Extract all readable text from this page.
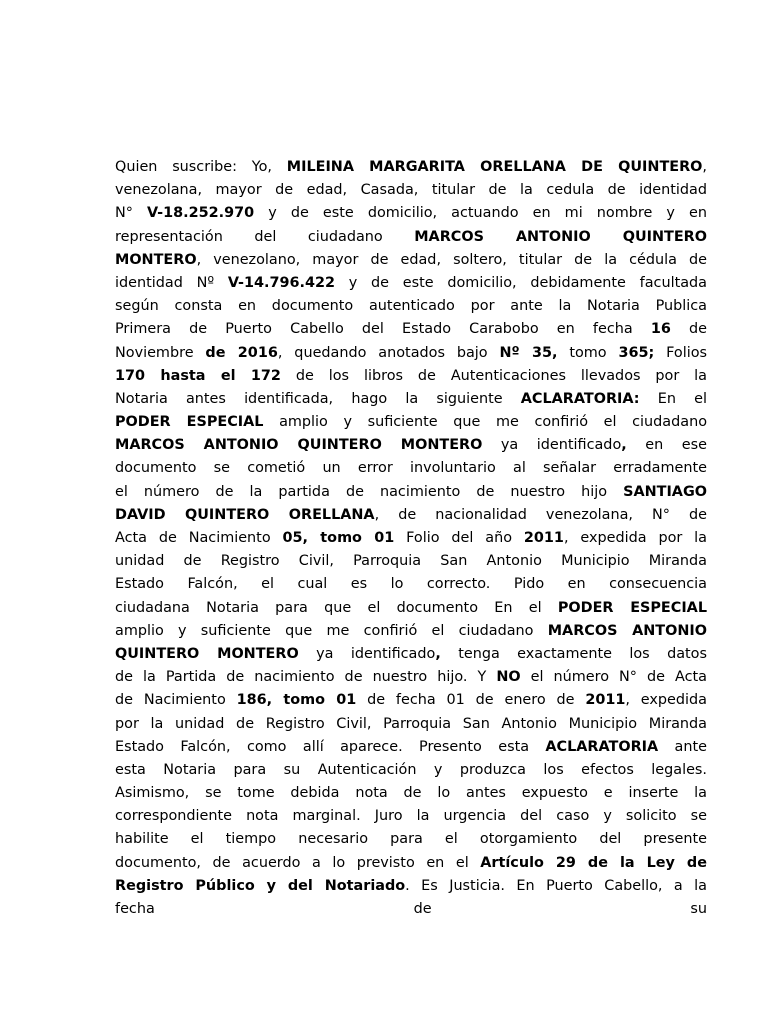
Quien suscribe: Yo, MILEINA MARGARITA ORELLANA DE QUINTERO,
venezolana, mayor de edad, Casada, titular de la cedula de identidad
N° V-18.252.970 y de este domicilio, actuando en mi nombre y en
representación del ciudadano MARCOS ANTONIO QUINTERO
MONTERO, venezolano, mayor de edad, soltero, titular de la cédula de
identidad Nº V-14.796.422 y de este domicilio, debidamente facultada
según consta en documento autenticado por ante la Notaria Publica
Primera de Puerto Cabello del Estado Carabobo en fecha 16 de
Noviembre de 2016, quedando anotados bajo Nº 35, tomo 365; Folios
170 hasta el 172 de los libros de Autenticaciones llevados por la
Notaria antes identificada, hago la siguiente ACLARATORIA: En el
PODER ESPECIAL amplio y suficiente que me confirió el ciudadano
MARCOS ANTONIO QUINTERO MONTERO ya identificado, en ese
documento se cometió un error involuntario al señalar erradamente
el número de la partida de nacimiento de nuestro hijo SANTIAGO
DAVID QUINTERO ORELLANA, de nacionalidad venezolana, N° de
Acta de Nacimiento 05, tomo 01 Folio del año 2011, expedida por la
unidad de Registro Civil, Parroquia San Antonio Municipio Miranda
Estado Falcón, el cual es lo correcto. Pido en consecuencia
ciudadana Notaria para que el documento En el PODER ESPECIAL
amplio y suficiente que me confirió el ciudadano MARCOS ANTONIO
QUINTERO MONTERO ya identificado, tenga exactamente los datos
de la Partida de nacimiento de nuestro hijo. Y NO el número N° de Acta
de Nacimiento 186, tomo 01 de fecha 01 de enero de 2011, expedida
por la unidad de Registro Civil, Parroquia San Antonio Municipio Miranda
Estado Falcón, como allí aparece. Presento esta ACLARATORIA ante
esta Notaria para su Autenticación y produzca los efectos legales.
Asimismo, se tome debida nota de lo antes expuesto e inserte la
correspondiente nota marginal. Juro la urgencia del caso y solicito se
habilite el tiempo necesario para el otorgamiento del presente
documento, de acuerdo a lo previsto en el Artículo 29 de la Ley de
Registro Público y del Notariado. Es Justicia. En Puerto Cabello, a la
fecha de su
